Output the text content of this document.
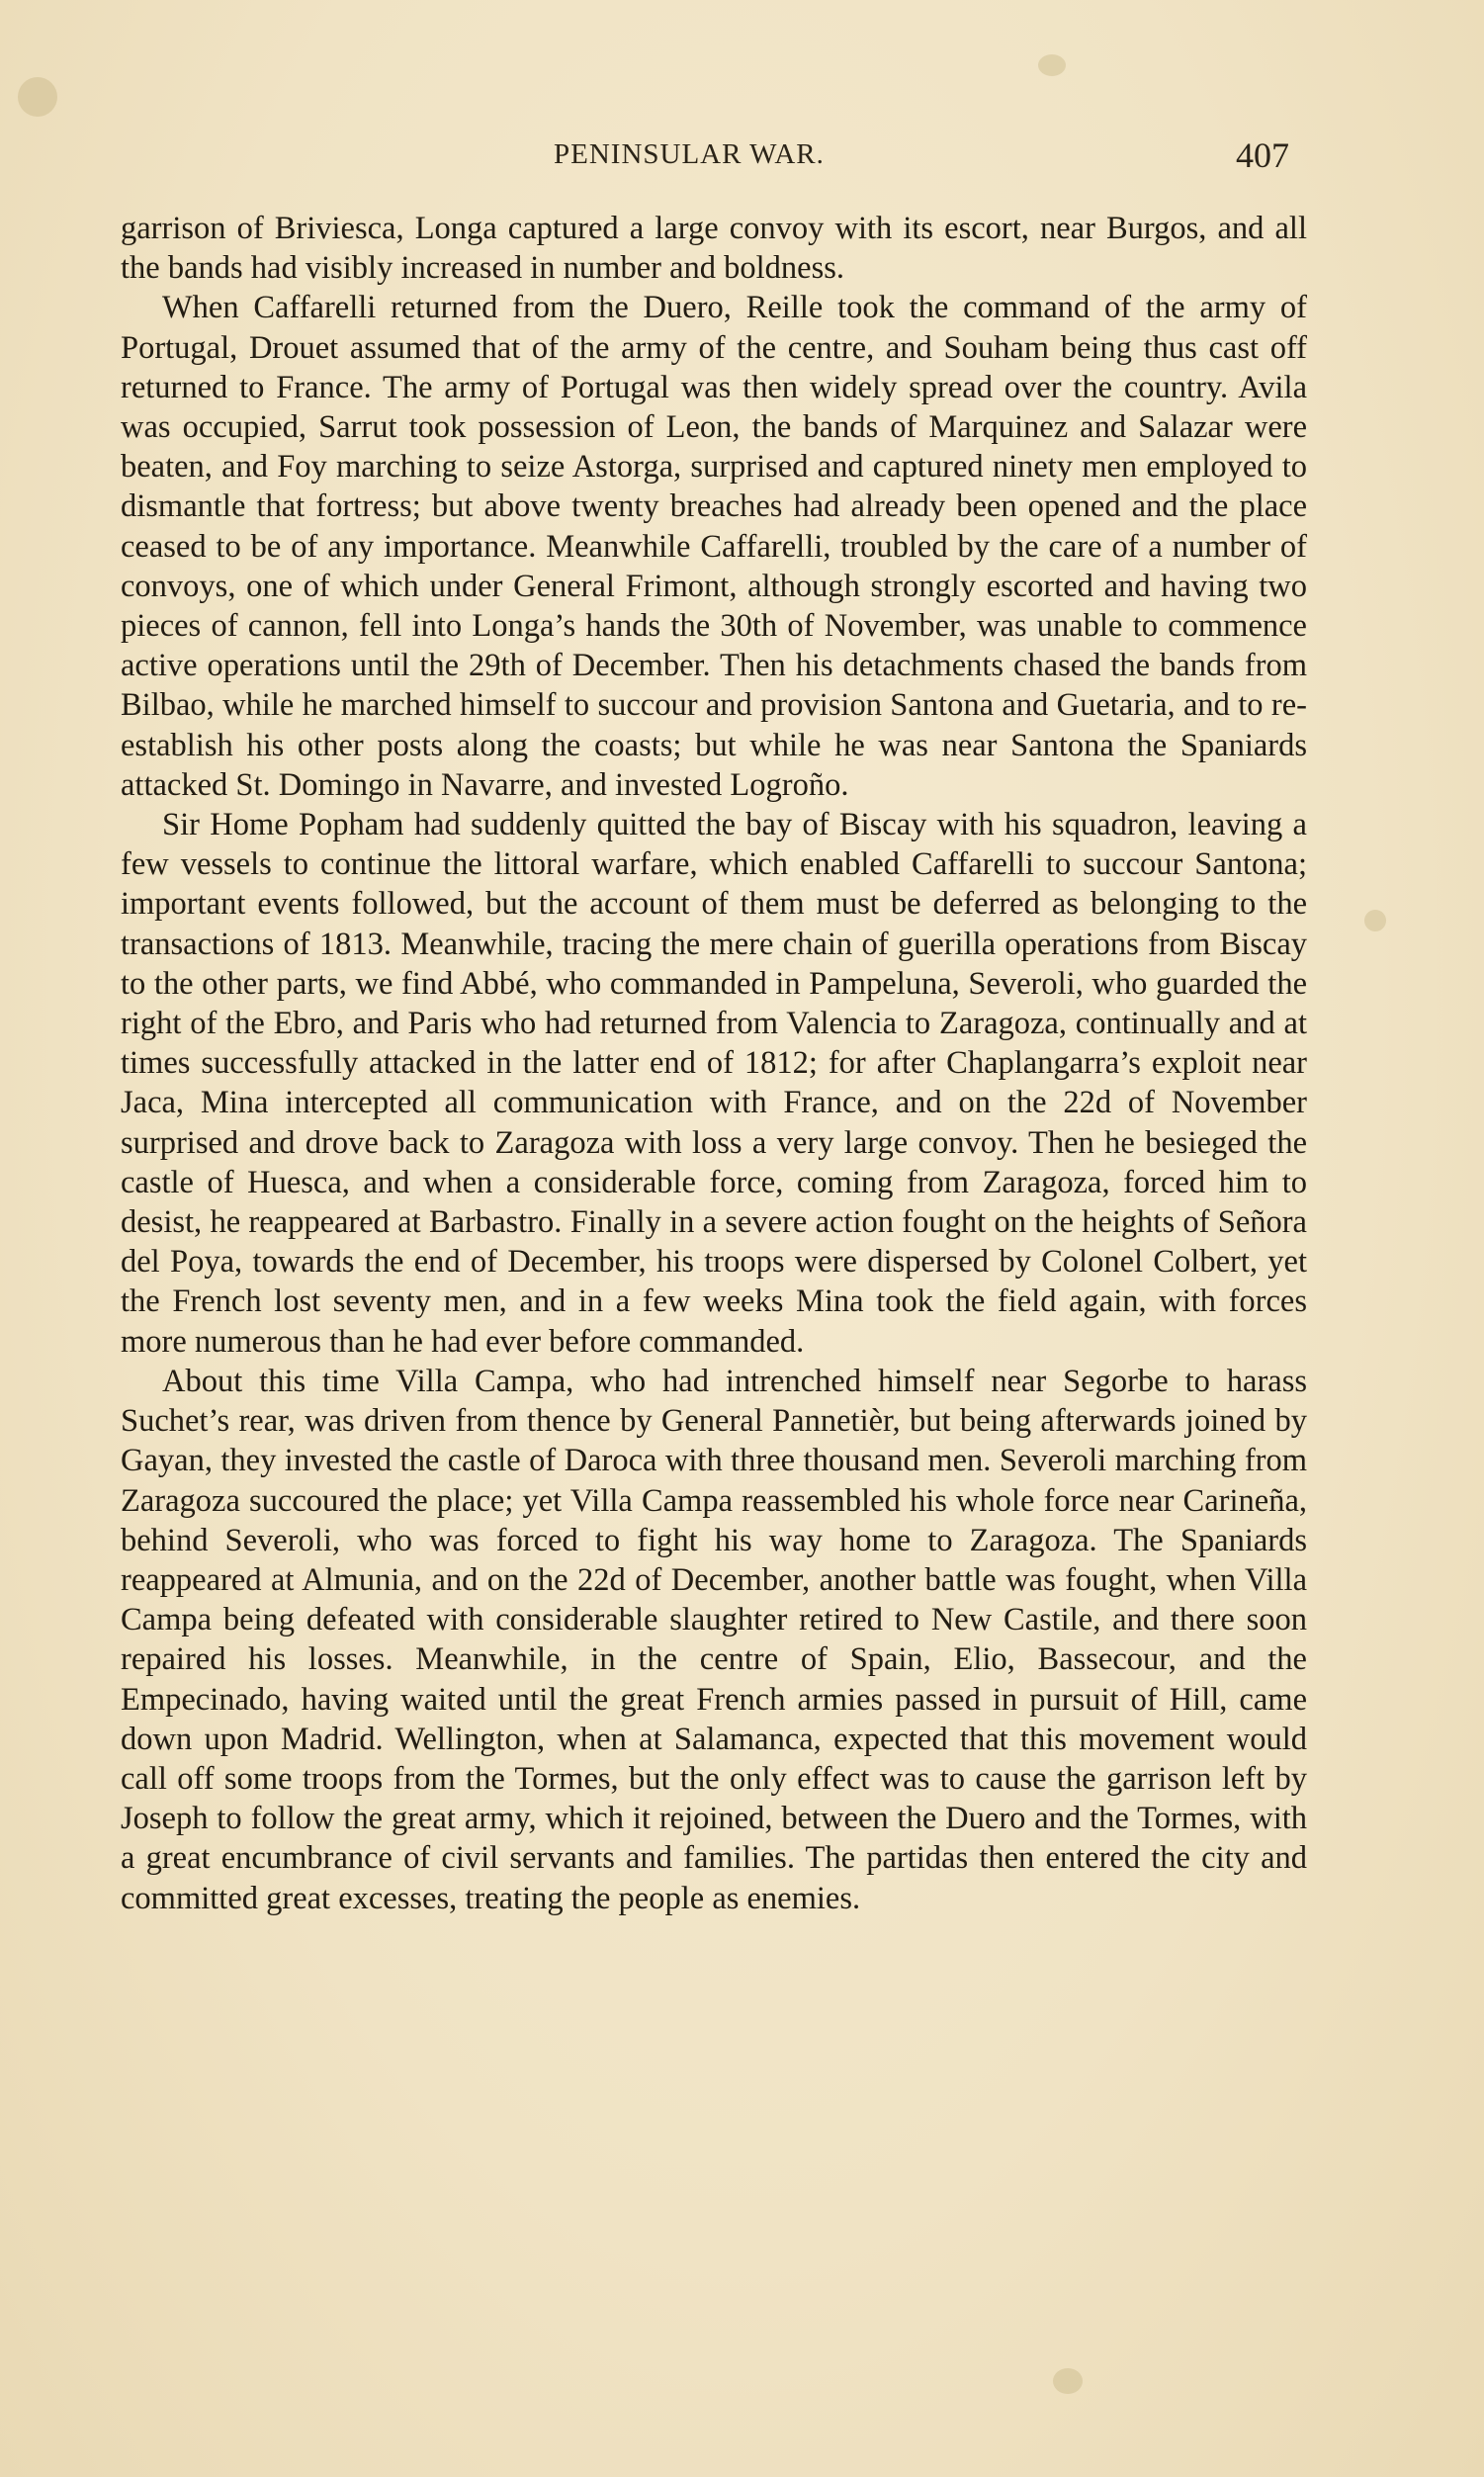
PENINSULAR WAR.	407

garrison of Briviesca, Longa captured a large convoy with its escort, near Burgos, and all the bands had visibly increased in number and boldness.

When Caffarelli returned from the Duero, Reille took the command of the army of Portugal, Drouet assumed that of the army of the centre, and Souham being thus cast off returned to France. The army of Portugal was then widely spread over the country. Avila was occupied, Sarrut took possession of Leon, the bands of Marquinez and Salazar were beaten, and Foy marching to seize Astorga, surprised and captured ninety men employed to dismantle that fortress; but above twenty breaches had already been opened and the place ceased to be of any importance. Meanwhile Caffarelli, troubled by the care of a number of convoys, one of which under General Frimont, although strongly escorted and having two pieces of cannon, fell into Longa’s hands the 30th of November, was unable to commence active operations until the 29th of December. Then his detachments chased the bands from Bilbao, while he marched himself to succour and provision Santona and Guetaria, and to re-establish his other posts along the coasts; but while he was near Santona the Spaniards attacked St. Domingo in Navarre, and invested Logroño.

Sir Home Popham had suddenly quitted the bay of Biscay with his squadron, leaving a few vessels to continue the littoral warfare, which enabled Caffarelli to succour Santona; important events followed, but the account of them must be deferred as belonging to the transactions of 1813. Meanwhile, tracing the mere chain of guerilla operations from Biscay to the other parts, we find Abbé, who commanded in Pampeluna, Severoli, who guarded the right of the Ebro, and Paris who had returned from Valencia to Zaragoza, continually and at times successfully attacked in the latter end of 1812; for after Chaplangarra’s exploit near Jaca, Mina intercepted all communication with France, and on the 22d of November surprised and drove back to Zaragoza with loss a very large convoy. Then he besieged the castle of Huesca, and when a considerable force, coming from Zaragoza, forced him to desist, he reappeared at Barbastro. Finally in a severe action fought on the heights of Señora del Poya, towards the end of December, his troops were dispersed by Colonel Colbert, yet the French lost seventy men, and in a few weeks Mina took the field again, with forces more numerous than he had ever before commanded.

About this time Villa Campa, who had intrenched himself near Segorbe to harass Suchet’s rear, was driven from thence by General Pannetièr, but being afterwards joined by Gayan, they invested the castle of Daroca with three thousand men. Severoli marching from Zaragoza succoured the place; yet Villa Campa reassembled his whole force near Carineña, behind Severoli, who was forced to fight his way home to Zaragoza. The Spaniards reappeared at Almunia, and on the 22d of December, another battle was fought, when Villa Campa being defeated with considerable slaughter retired to New Castile, and there soon repaired his losses. Meanwhile, in the centre of Spain, Elio, Bassecour, and the Empecinado, having waited until the great French armies passed in pursuit of Hill, came down upon Madrid. Wellington, when at Salamanca, expected that this movement would call off some troops from the Tormes, but the only effect was to cause the garrison left by Joseph to follow the great army, which it rejoined, between the Duero and the Tormes, with a great encumbrance of civil servants and families. The partidas then entered the city and committed great excesses, treating the people as enemies.
